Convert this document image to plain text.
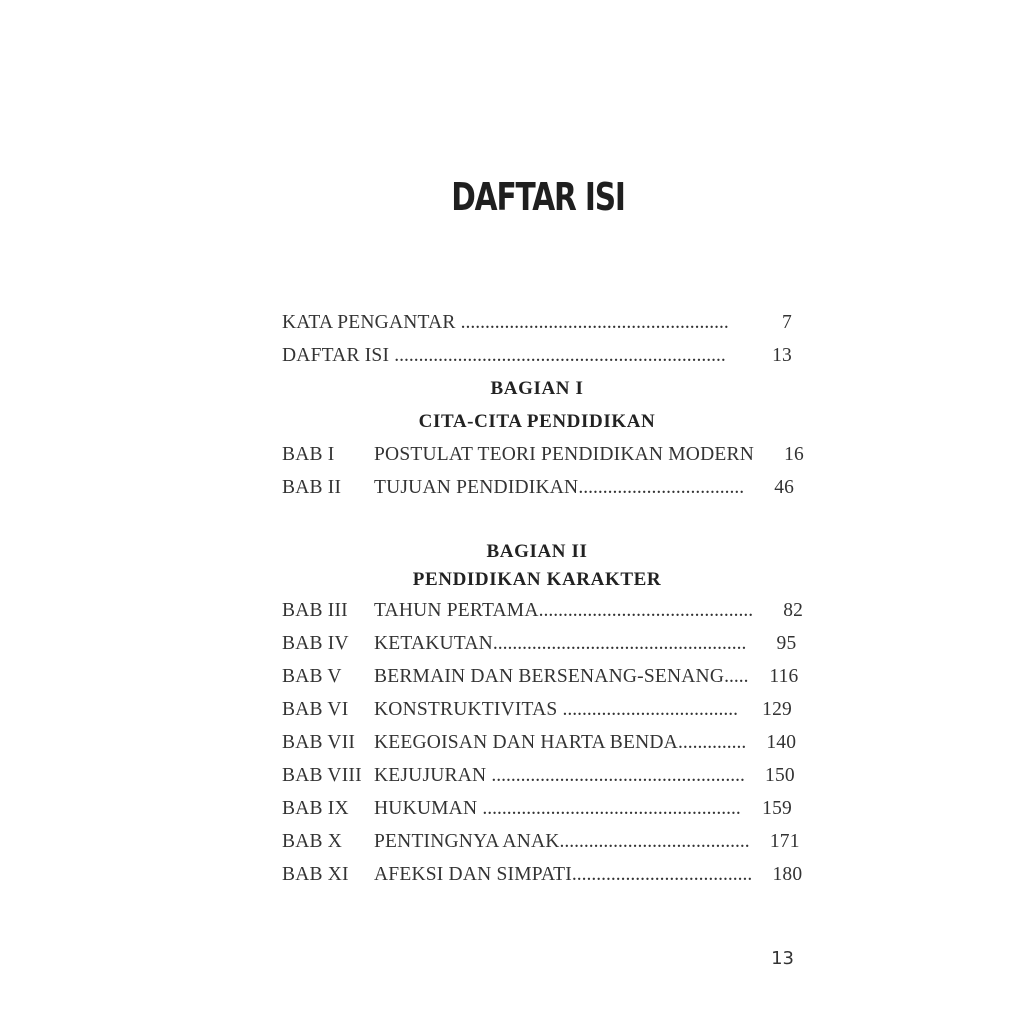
DAFTAR ISI
KATA PENGANTAR .......................................................	7
DAFTAR ISI ....................................................................	13
BAGIAN I
CITA-CITA PENDIDIKAN
BAB I	POSTULAT TEORI PENDIDIKAN MODERN	16
BAB II	TUJUAN PENDIDIKAN..................................	46
BAGIAN II
PENDIDIKAN KARAKTER
BAB III	TAHUN PERTAMA............................................	82
BAB IV	KETAKUTAN....................................................	95
BAB V	BERMAIN DAN BERSENANG-SENANG.....	116
BAB VI	KONSTRUKTIVITAS ....................................	129
BAB VII KEEGOISAN DAN HARTA BENDA..............	140
BAB VIII KEJUJURAN ....................................................	150
BAB IX	HUKUMAN .....................................................	159
BAB X	PENTINGNYA ANAK.......................................	171
BAB XI	AFEKSI DAN SIMPATI.....................................	180
13
